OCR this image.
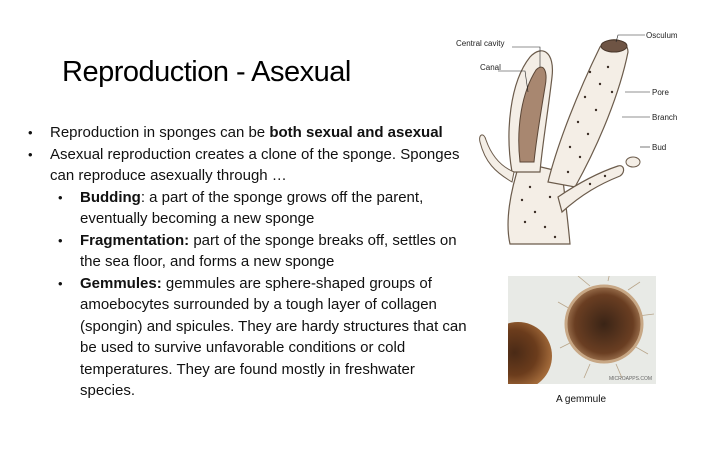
Reproduction - Asexual
• Reproduction in sponges can be both sexual and asexual
• Asexual reproduction creates a clone of the sponge. Sponges can reproduce asexually through …
• Budding: a part of the sponge grows off the parent, eventually becoming a new sponge
• Fragmentation: part of the sponge breaks off, settles on the sea floor, and forms a new sponge
• Gemmules: gemmules are sphere-shaped groups of amoebocytes surrounded by a tough layer of collagen (spongin) and spicules. They are hardy structures that can be used to survive unfavorable conditions or cold temperatures. They are found mostly in freshwater species.
Central cavity
Canal
Osculum
Pore
Branch
Bud
MICROAPPS.COM
A gemmule
